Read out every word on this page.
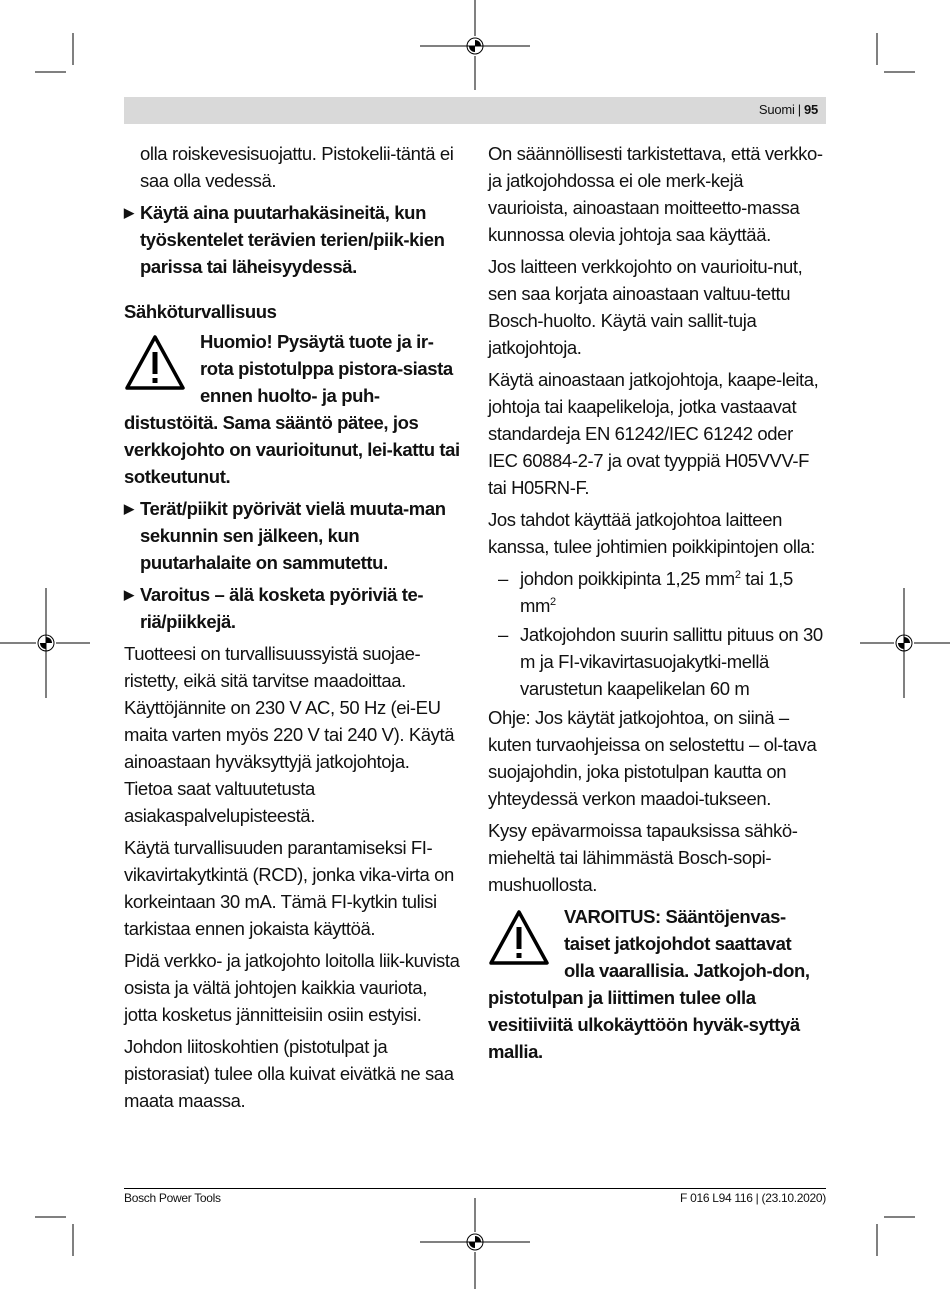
Suomi | 95

olla roiskevesisuojattu. Pistokelii-täntä ei saa olla vedessä.

▶ Käytä aina puutarhakäsineitä, kun työskentelet terävien terien/piik-kien parissa tai läheisyydessä.

Sähköturvallisuus

Huomio! Pysäytä tuote ja ir-rota pistotulppa pistora-siasta ennen huolto- ja puh-distustöitä. Sama sääntö pätee, jos verkkojohto on vaurioitunut, lei-kattu tai sotkeutunut.
▶ Terät/piikit pyörivät vielä muuta-man sekunnin sen jälkeen, kun puutarhalaite on sammutettu.
▶ Varoitus – älä kosketa pyöriviä te-riä/piikkejä.

Tuotteesi on turvallisuussyistä suojae-ristetty, eikä sitä tarvitse maadoittaa. Käyttöjännite on 230 V AC, 50 Hz (ei-EU maita varten myös 220 V tai 240 V). Käytä ainoastaan hyväksyttyjä jatkojohtoja. Tietoa saat valtuutetusta asiakaspalvelupisteestä.

Käytä turvallisuuden parantamiseksi FI-vikavirtakytkintä (RCD), jonka vika-virta on korkeintaan 30 mA. Tämä FI-kytkin tulisi tarkistaa ennen jokaista käyttöä.

Pidä verkko- ja jatkojohto loitolla liik-kuvista osista ja vältä johtojen kaikkia vauriota, jotta kosketus jännitteisiin osiin estyisi.

Johdon liitoskohtien (pistotulpat ja pistorasiat) tulee olla kuivat eivätkä ne saa maata maassa.

On säännöllisesti tarkistettava, että verkko- ja jatkojohdossa ei ole merk-kejä vaurioista, ainoastaan moitteetto-massa kunnossa olevia johtoja saa käyttää.

Jos laitteen verkkojohto on vaurioitu-nut, sen saa korjata ainoastaan valtuu-tettu Bosch-huolto. Käytä vain sallit-tuja jatkojohtoja.

Käytä ainoastaan jatkojohtoja, kaape-leita, johtoja tai kaapelikeloja, jotka vastaavat standardeja EN 61242/IEC 61242 oder IEC 60884-2-7 ja ovat tyyppiä H05VVV-F tai H05RN-F.

Jos tahdot käyttää jatkojohtoa laitteen kanssa, tulee johtimien poikkipintojen olla:

– johdon poikkipinta 1,25 $mm^2$ tai 1,5 $mm^2$
– Jatkojohdon suurin sallittu pituus on 30 m ja FI-vikavirtasuojakytki-mellä varustetun kaapelikelan 60 m

Ohje: Jos käytät jatkojohtoa, on siinä – kuten turvaohjeissa on selostettu – ol-tava suojajohdin, joka pistotulpan kautta on yhteydessä verkon maadoi-tukseen.

Kysy epävarmoissa tapauksissa sähkö-mieheltä tai lähimmästä Bosch-sopi-mushuollosta.

VAROITUS: Sääntöjenvas-taiset jatkojohdot saattavat olla vaarallisia. Jatkojoh-don, pistotulpan ja liittimen tulee olla vesitiiviitä ulkokäyttöön hyväk-syttyä mallia.
Bosch Power Tools	F 016 L94 116 | (23.10.2020)
